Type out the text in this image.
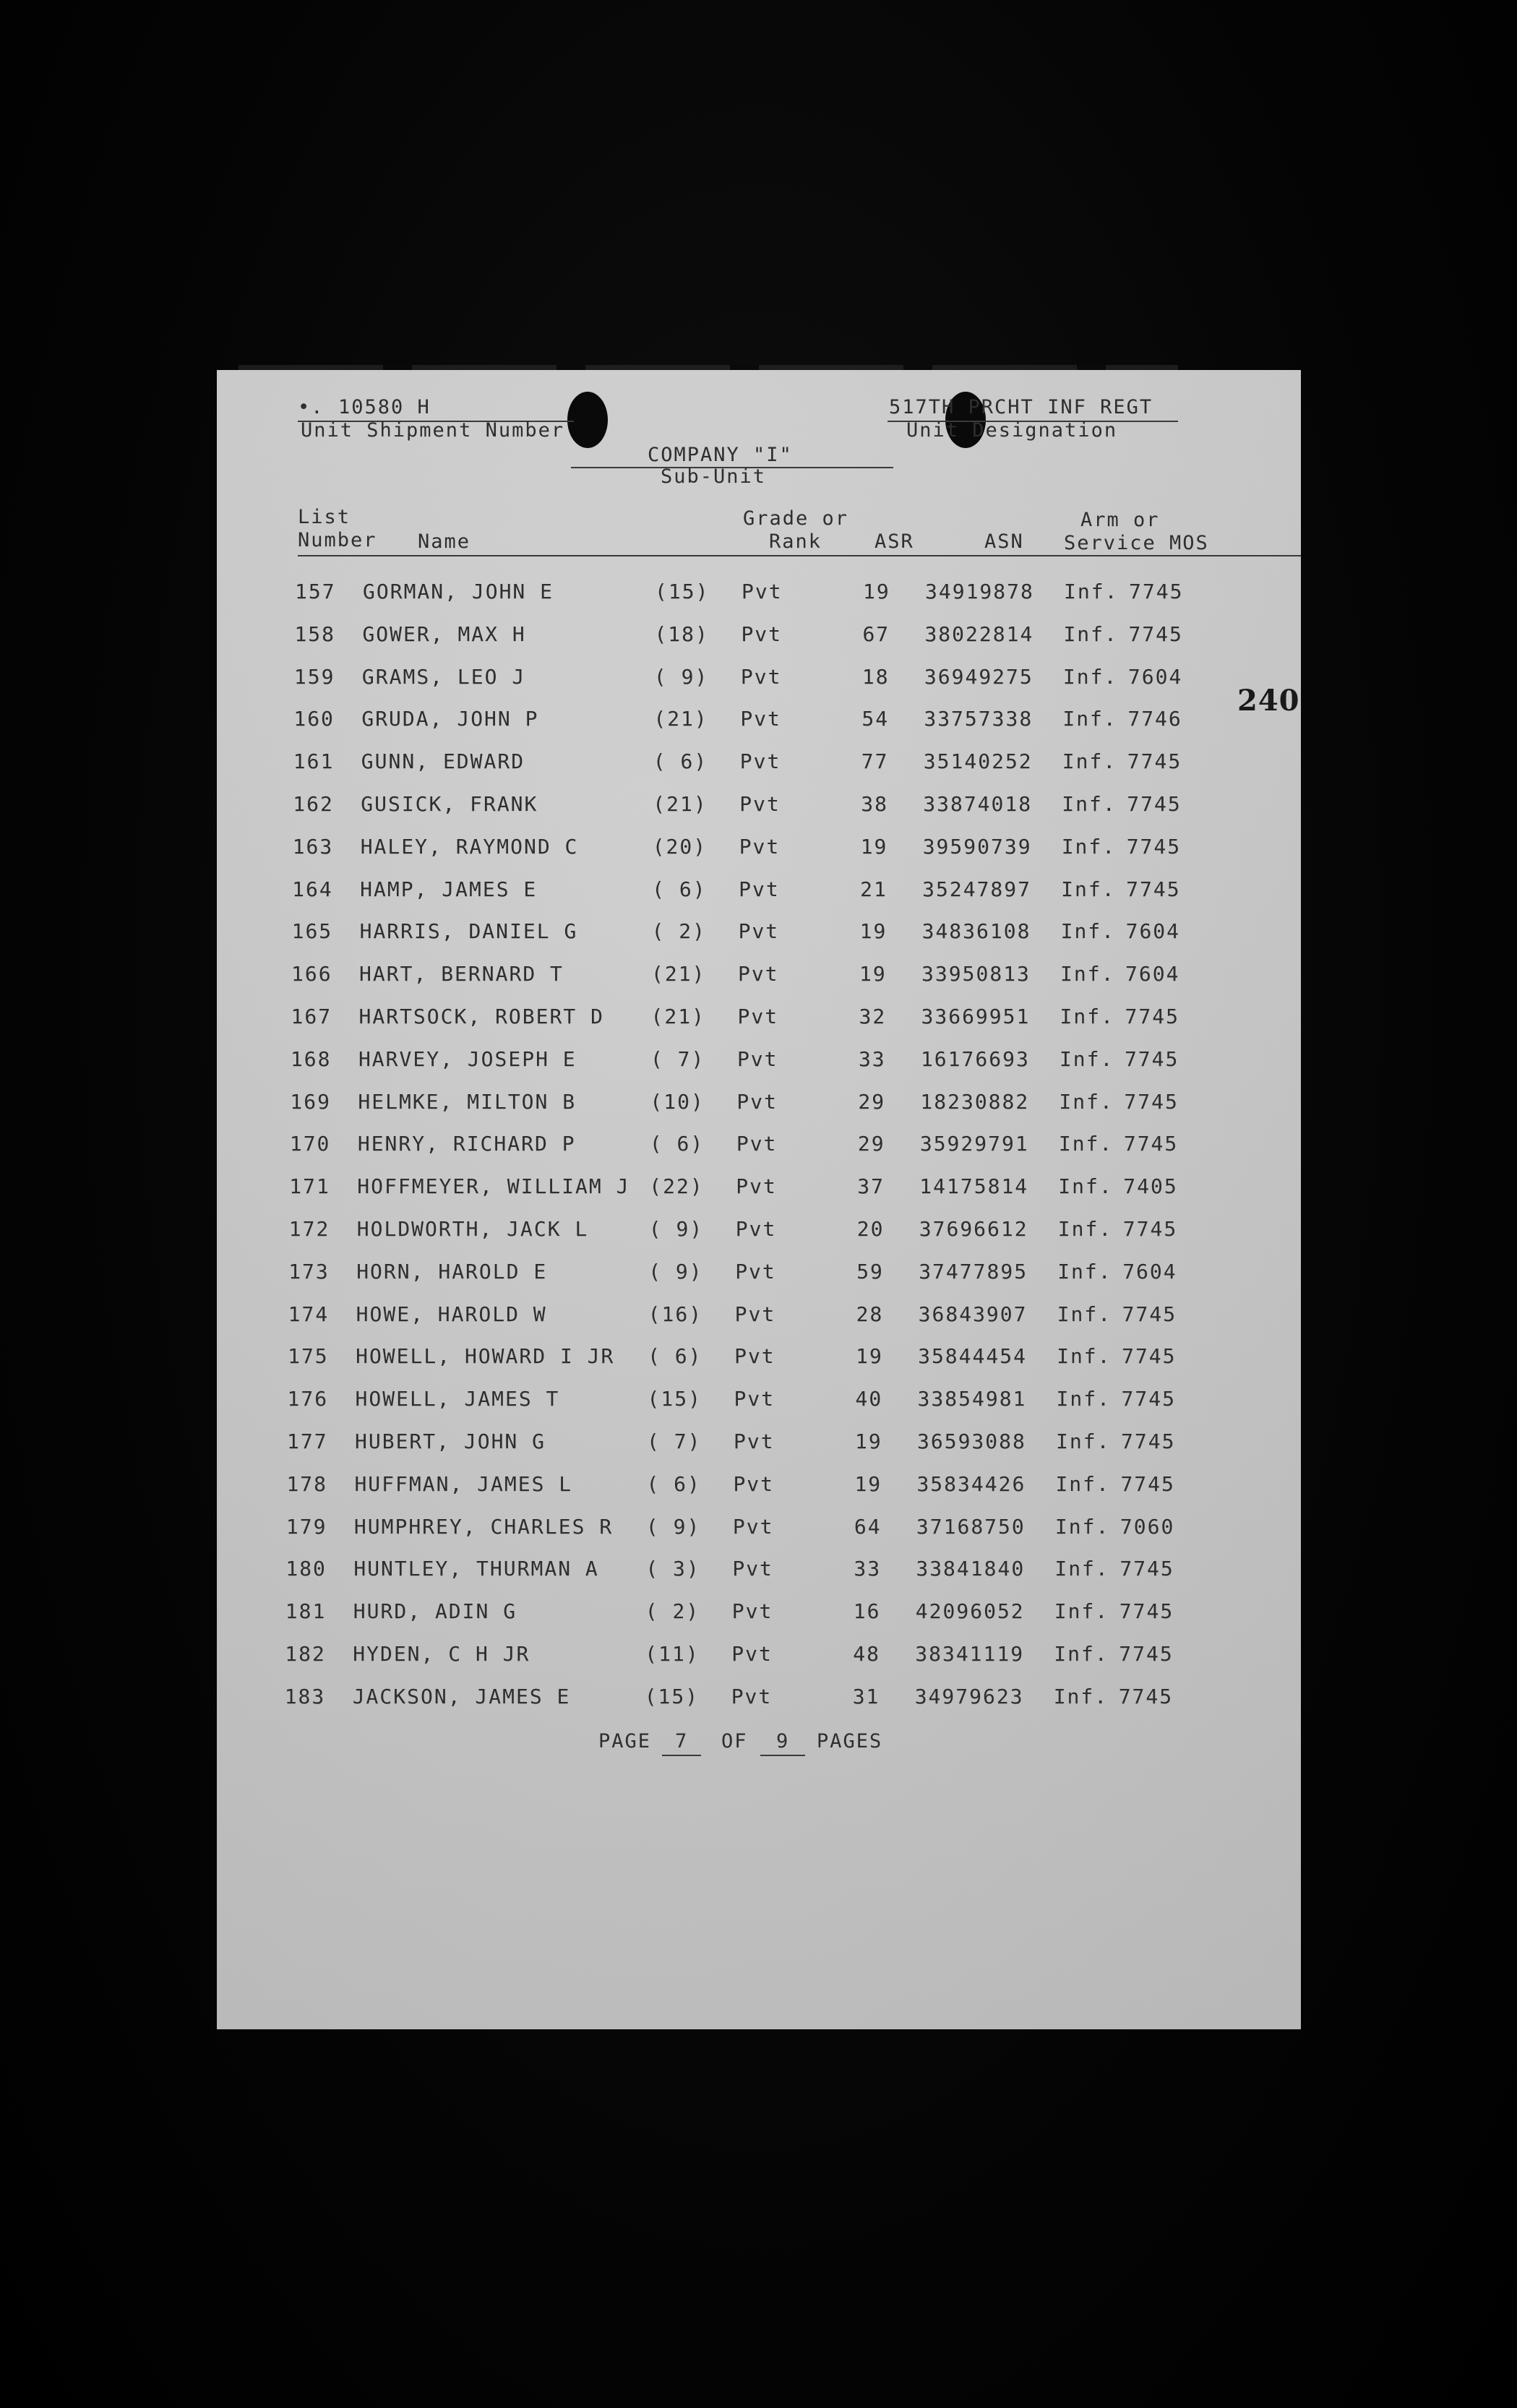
•. 10580 H
Unit Shipment Number
517TH PRCHT INF REGT
Unit Designation
COMPANY "I"
Sub-Unit
List
Number Name
Grade or
Rank	ASR	ASN
Arm or
Service MOS
157 GORMAN, JOHN E	(15) Pvt	19 34919878 Inf. 7745
158 GOWER, MAX H	(18) Pvt	67 38022814 Inf. 7745
159 GRAMS, LEO J	( 9) Pvt	18 36949275 Inf. 7604
160 GRUDA, JOHN P	(21) Pvt	54 33757338 Inf. 7746
161 GUNN, EDWARD	( 6) Pvt	77 35140252 Inf. 7745
162 GUSICK, FRANK	(21) Pvt	38 33874018 Inf. 7745
163 HALEY, RAYMOND C	(20) Pvt	19 39590739 Inf. 7745
164 HAMP, JAMES E	( 6) Pvt	21 35247897 Inf. 7745
165 HARRIS, DANIEL G	( 2) Pvt	19 34836108 Inf. 7604
166 HART, BERNARD T	(21) Pvt	19 33950813 Inf. 7604
167 HARTSOCK, ROBERT D (21) Pvt	32 33669951 Inf. 7745
168 HARVEY, JOSEPH E	( 7) Pvt	33 16176693 Inf. 7745
169 HELMKE, MILTON B	(10) Pvt	29 18230882 Inf. 7745
170 HENRY, RICHARD P	( 6) Pvt	29 35929791 Inf. 7745
171 HOFFMEYER, WILLIAM J (22) Pvt	37 14175814 Inf. 7405
172 HOLDWORTH, JACK L	( 9) Pvt	20 37696612 Inf. 7745
173 HORN, HAROLD E	( 9) Pvt	59 37477895 Inf. 7604
174 HOWE, HAROLD W	(16) Pvt	28 36843907 Inf. 7745
175 HOWELL, HOWARD I JR ( 6) Pvt	19 35844454 Inf. 7745
176 HOWELL, JAMES T	(15) Pvt	40 33854981 Inf. 7745
177 HUBERT, JOHN G	( 7) Pvt	19 36593088 Inf. 7745
178 HUFFMAN, JAMES L	( 6) Pvt	19 35834426 Inf. 7745
179 HUMPHREY, CHARLES R ( 9) Pvt	64 37168750 Inf. 7060
180 HUNTLEY, THURMAN A ( 3) Pvt	33 33841840 Inf. 7745
181 HURD, ADIN G	( 2) Pvt	16 42096052 Inf. 7745
182 HYDEN, C H JR	(11) Pvt	48 38341119 Inf. 7745
183 JACKSON, JAMES E	(15) Pvt	31 34979623 Inf. 7745
PAGE 7 OF 9 PAGES
240
